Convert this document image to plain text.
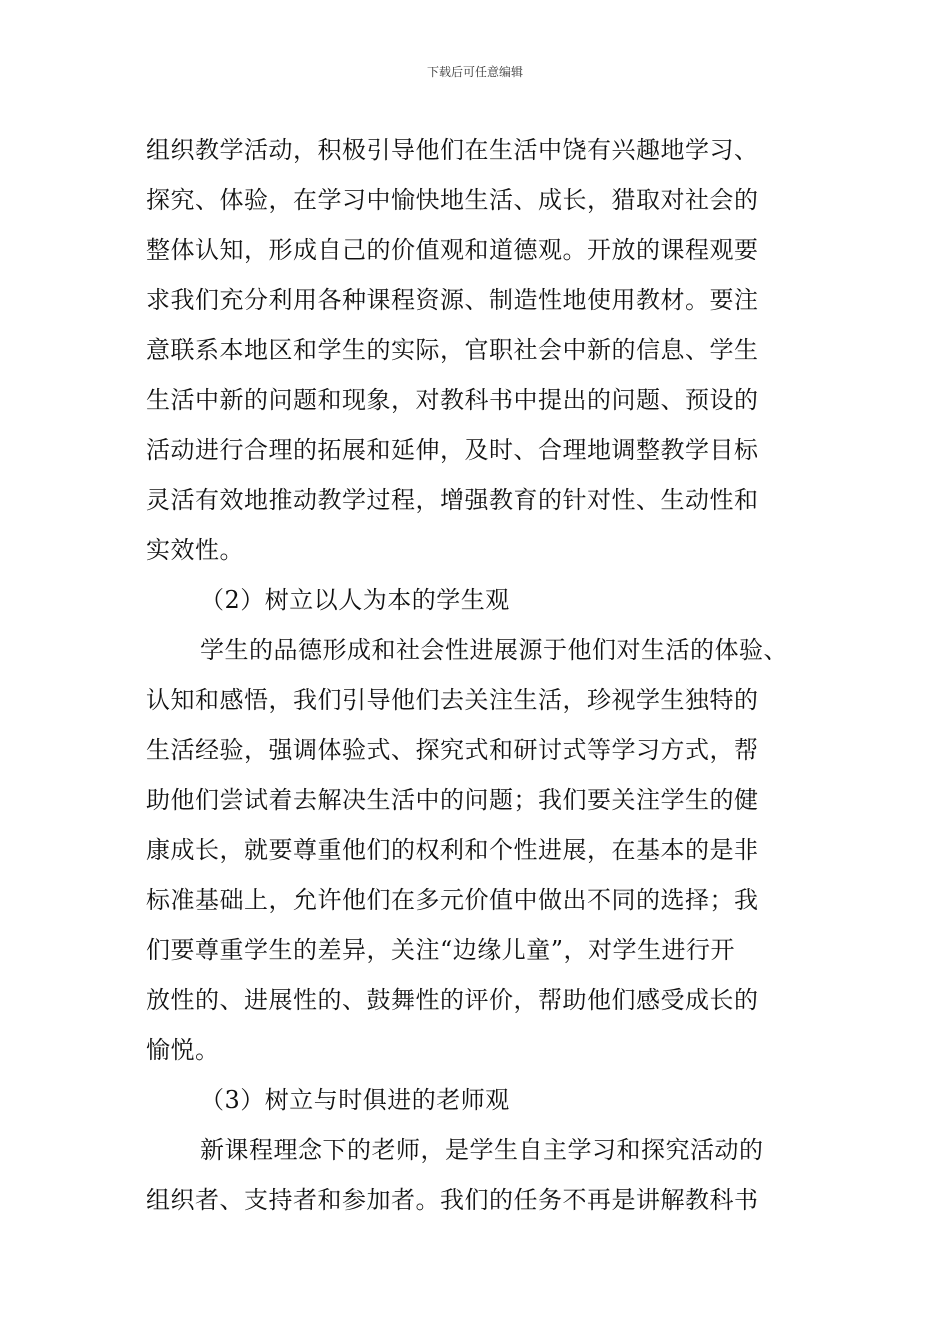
下载后可任意编辑
组织教学活动，积极引导他们在生活中饶有兴趣地学习、
探究、体验，在学习中愉快地生活、成长，猎取对社会的
整体认知，形成自己的价值观和道德观。开放的课程观要
求我们充分利用各种课程资源、制造性地使用教材。要注
意联系本地区和学生的实际，官职社会中新的信息、学生
生活中新的问题和现象，对教科书中提出的问题、预设的
活动进行合理的拓展和延伸，及时、合理地调整教学目标
灵活有效地推动教学过程，增强教育的针对性、生动性和
实效性。
（2）树立以人为本的学生观
学生的品德形成和社会性进展源于他们对生活的体验、
认知和感悟，我们引导他们去关注生活，珍视学生独特的
生活经验，强调体验式、探究式和研讨式等学习方式，帮
助他们尝试着去解决生活中的问题；我们要关注学生的健
康成长，就要尊重他们的权利和个性进展，在基本的是非
标准基础上，允许他们在多元价值中做出不同的选择；我
们要尊重学生的差异，关注“边缘儿童”，对学生进行开
放性的、进展性的、鼓舞性的评价，帮助他们感受成长的
愉悦。
（3）树立与时俱进的老师观
新课程理念下的老师，是学生自主学习和探究活动的
组织者、支持者和参加者。我们的任务不再是讲解教科书
